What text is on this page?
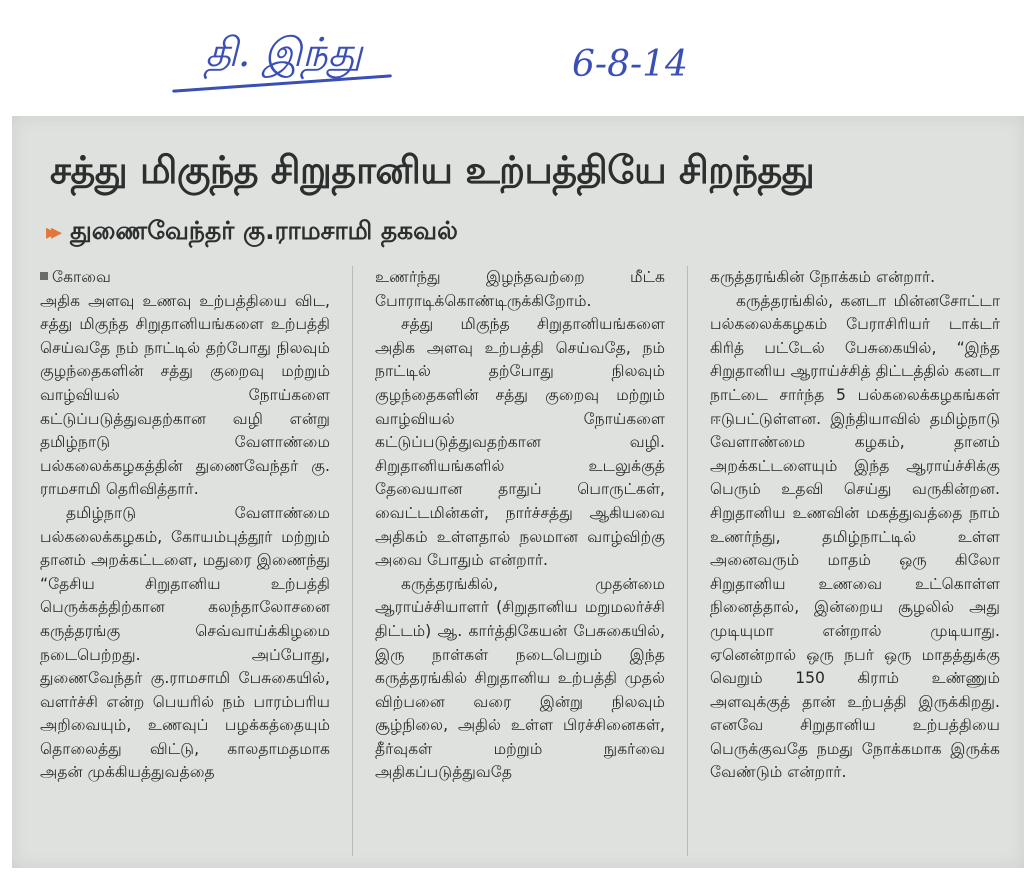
தி. இந்து	6-8-14
சத்து மிகுந்த சிறுதானிய உற்பத்தியே சிறந்தது
▸▸ துணைவேந்தர் கு.ராமசாமி தகவல்

கோவை

அதிக அளவு உணவு உற்பத்தியை விட, சத்து மிகுந்த சிறுதானியங்களை உற்பத்தி செய்வதே நம் நாட்டில் தற்போது நிலவும் குழந்தைகளின் சத்து குறைவு மற்றும் வாழ்வியல் நோய்களை கட்டுப்படுத்துவதற்கான வழி என்று தமிழ்நாடு வேளாண்மை பல்கலைக்கழகத்தின் துணைவேந்தர் கு. ராமசாமி தெரிவித்தார்.

தமிழ்நாடு வேளாண்மை பல்கலைக்கழகம், கோயம்புத்தூர் மற்றும் தானம் அறக்கட்டளை, மதுரை இணைந்து “தேசிய சிறுதானிய உற்பத்தி பெருக்கத்திற்கான கலந்தாலோசனை கருத்தரங்கு செவ்வாய்க்கிழமை நடைபெற்றது. அப்போது, துணைவேந்தர் கு.ராமசாமி பேசுகையில், வளர்ச்சி என்ற பெயரில் நம் பாரம்பரிய அறிவையும், உணவுப் பழக்கத்தையும் தொலைத்து விட்டு, காலதாமதமாக அதன் முக்கியத்துவத்தை

உணர்ந்து இழந்தவற்றை மீட்க போராடிக்கொண்டிருக்கிறோம்.

சத்து மிகுந்த சிறுதானியங்களை அதிக அளவு உற்பத்தி செய்வதே, நம் நாட்டில் தற்போது நிலவும் குழந்தைகளின் சத்து குறைவு மற்றும் வாழ்வியல் நோய்களை கட்டுப்படுத்துவதற்கான வழி. சிறுதானியங்களில் உடலுக்குத் தேவையான தாதுப் பொருட்கள், வைட்டமின்கள், நார்ச்சத்து ஆகியவை அதிகம் உள்ளதால் நலமான வாழ்விற்கு அவை போதும் என்றார்.

கருத்தரங்கில், முதன்மை ஆராய்ச்சியாளர் (சிறுதானிய மறுமலர்ச்சி திட்டம்) ஆ. கார்த்திகேயன் பேசுகையில், இரு நாள்கள் நடைபெறும் இந்த கருத்தரங்கில் சிறுதானிய உற்பத்தி முதல் விற்பனை வரை இன்று நிலவும் சூழ்நிலை, அதில் உள்ள பிரச்சினைகள், தீர்வுகள் மற்றும் நுகர்வை அதிகப்படுத்துவதே

கருத்தரங்கின் நோக்கம் என்றார்.

கருத்தரங்கில், கனடா மின்னசோட்டா பல்கலைக்கழகம் பேராசிரியர் டாக்டர் கிரித் பட்டேல் பேசுகையில், “இந்த சிறுதானிய ஆராய்ச்சித் திட்டத்தில் கனடா நாட்டை சார்ந்த 5 பல்கலைக்கழகங்கள் ஈடுபட்டுள்ளன. இந்தியாவில் தமிழ்நாடு வேளாண்மை கழகம், தானம் அறக்கட்டளையும் இந்த ஆராய்ச்சிக்கு பெரும் உதவி செய்து வருகின்றன. சிறுதானிய உணவின் மகத்துவத்தை நாம் உணர்ந்து, தமிழ்நாட்டில் உள்ள அனைவரும் மாதம் ஒரு கிலோ சிறுதானிய உணவை உட்கொள்ள நினைத்தால், இன்றைய சூழலில் அது முடியுமா என்றால் முடியாது. ஏனென்றால் ஒரு நபர் ஒரு மாதத்துக்கு வெறும் 150 கிராம் உண்ணும் அளவுக்குத் தான் உற்பத்தி இருக்கிறது. எனவே சிறுதானிய உற்பத்தியை பெருக்குவதே நமது நோக்கமாக இருக்க வேண்டும் என்றார்.
